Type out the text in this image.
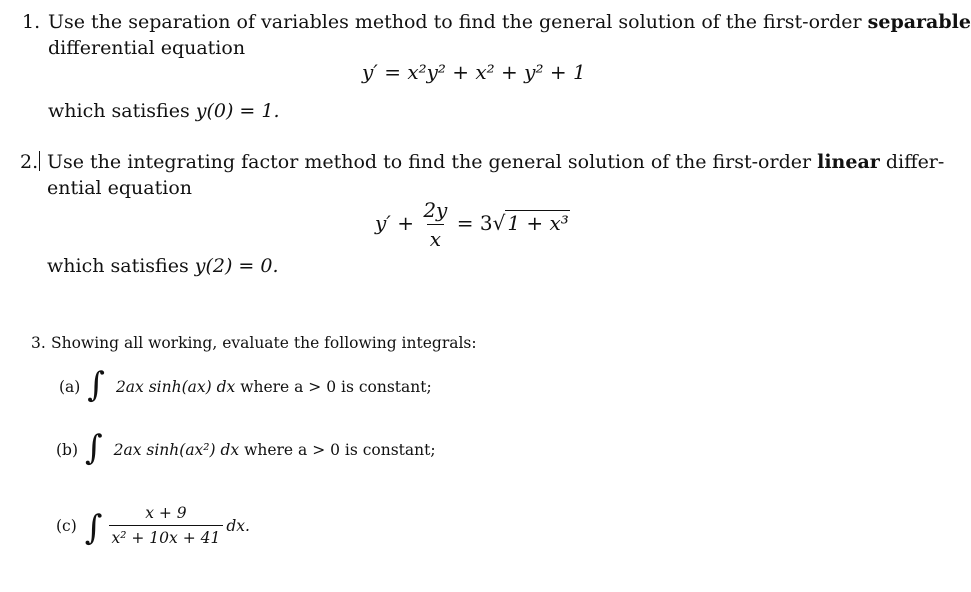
1. Use the separation of variables method to find the general solution of the first-order separable
differential equation
y′ = x²y² + x² + y² + 1
which satisfies y(0) = 1.
2. Use the integrating factor method to find the general solution of the first-order linear differ-
ential equation
$y' + \frac{2y}{x} = 3√$ 1 + x³
which satisfies y(2) = 0.
3. Showing all working, evaluate the following integrals:
(a) ∫ 2ax sinh(ax) dx where a > 0 is constant;
(b) ∫ 2ax sinh(ax²) dx where a > 0 is constant;
(c) ∫ $\frac{x + 9}{\text{x² + 10x + 41}}$ dx.
